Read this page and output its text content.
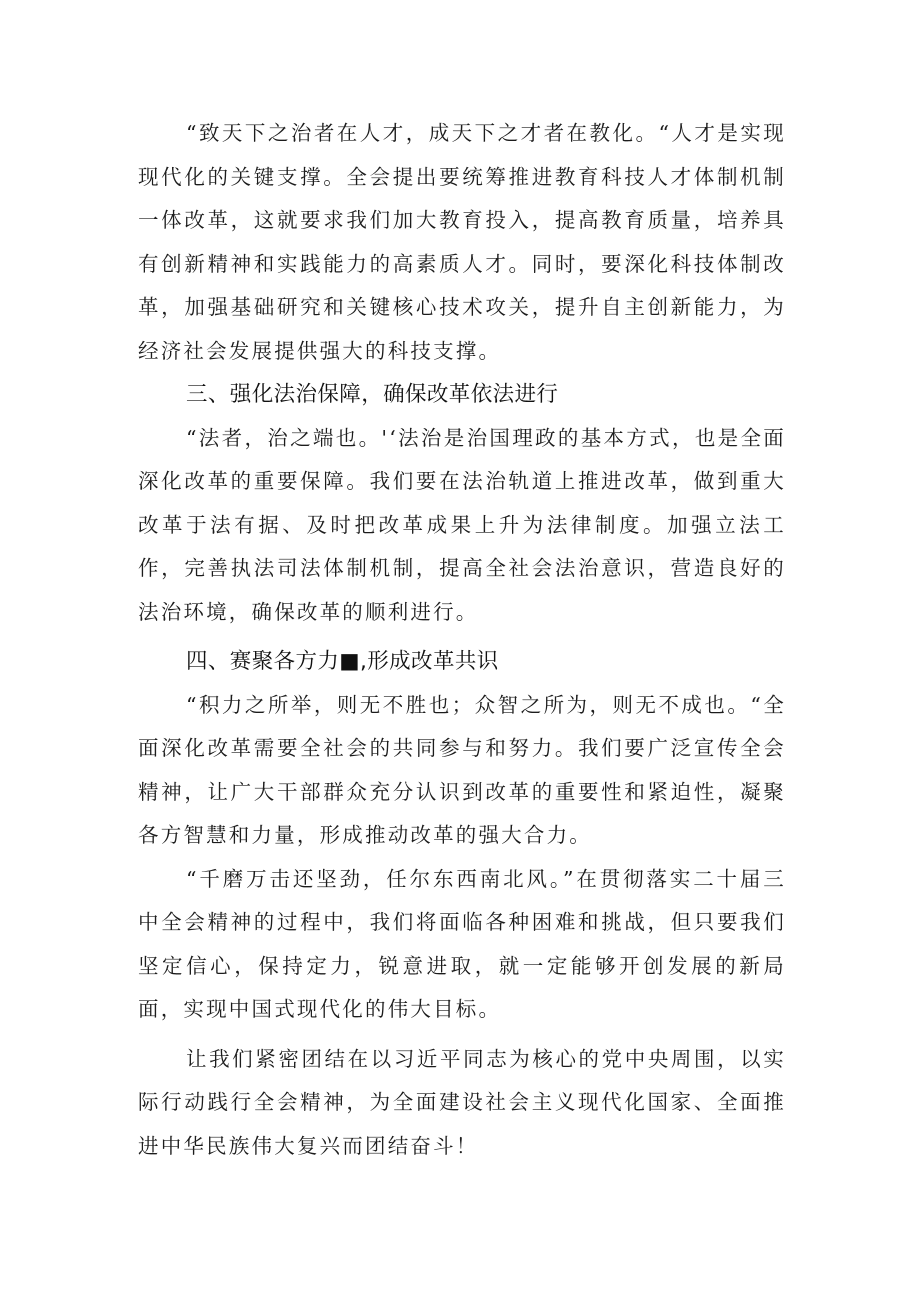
“致天下之治者在人才，成天下之才者在教化。“人才是实现现代化的关键支撑。全会提出要统筹推进教育科技人才体制机制一体改革，这就要求我们加大教育投入，提高教育质量，培养具有创新精神和实践能力的高素质人才。同时，要深化科技体制改革，加强基础研究和关键核心技术攻关，提升自主创新能力，为经济社会发展提供强大的科技支撑。

三、强化法治保障，确保改革依法进行

“法者，治之端也。'‘法治是治国理政的基本方式，也是全面深化改革的重要保障。我们要在法治轨道上推进改革，做到重大改革于法有据、及时把改革成果上升为法律制度。加强立法工作，完善执法司法体制机制，提高全社会法治意识，营造良好的法治环境，确保改革的顺利进行。

四、赛聚各方力■,形成改革共识

“积力之所举，则无不胜也；众智之所为，则无不成也。“全面深化改革需要全社会的共同参与和努力。我们要广泛宣传全会精神，让广大干部群众充分认识到改革的重要性和紧迫性，凝聚各方智慧和力量，形成推动改革的强大合力。

“千磨万击还坚劲，任尔东西南北风。”在贯彻落实二十届三中全会精神的过程中，我们将面临各种困难和挑战，但只要我们坚定信心，保持定力，锐意进取，就一定能够开创发展的新局面，实现中国式现代化的伟大目标。

让我们紧密团结在以习近平同志为核心的党中央周围，以实际行动践行全会精神，为全面建设社会主义现代化国家、全面推进中华民族伟大复兴而团结奋斗！
